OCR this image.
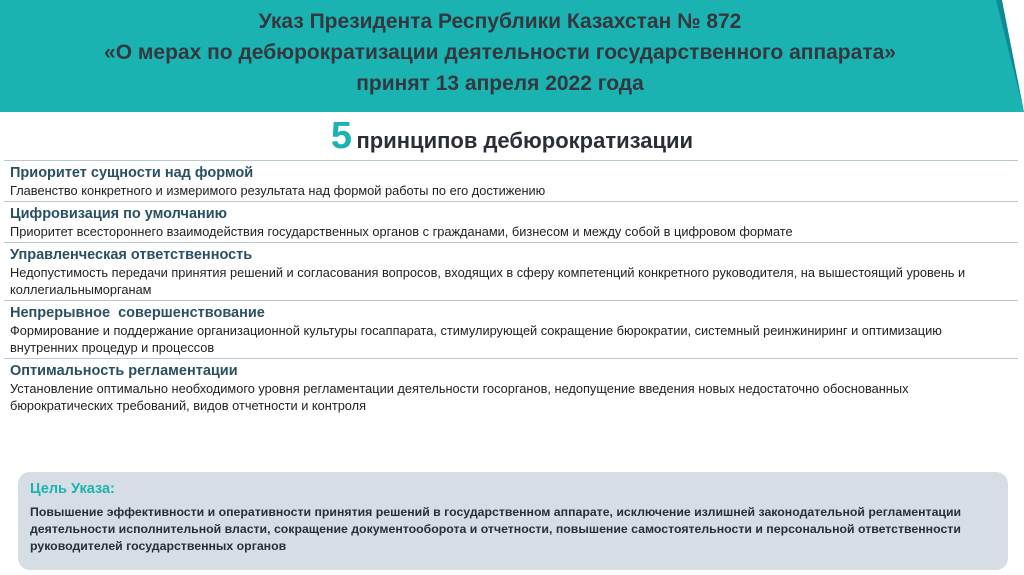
Указ Президента Республики Казахстан № 872
«О мерах по дебюрократизации деятельности государственного аппарата»
принят 13 апреля 2022 года
5 принципов дебюрократизации
Приоритет сущности над формой
Главенство конкретного и измеримого результата над формой работы по его достижению
Цифровизация по умолчанию
Приоритет всестороннего взаимодействия государственных органов с гражданами, бизнесом и между собой в цифровом формате
Управленческая ответственность
Недопустимость передачи принятия решений и согласования вопросов, входящих в сферу компетенций конкретного руководителя, на вышестоящий уровень и коллегиальныморганам
Непрерывное  совершенствование
Формирование и поддержание организационной культуры госаппарата, стимулирующей сокращение бюрократии, системный реинжиниринг и оптимизацию внутренних процедур и процессов
Оптимальность регламентации
Установление оптимально необходимого уровня регламентации деятельности госорганов, недопущение введения новых недостаточно обоснованных бюрократических требований, видов отчетности и контроля
Цель Указа:
Повышение эффективности и оперативности принятия решений в государственном аппарате, исключение излишней законодательной регламентации деятельности исполнительной власти, сокращение документооборота и отчетности, повышение самостоятельности и персональной ответственности руководителей государственных органов
